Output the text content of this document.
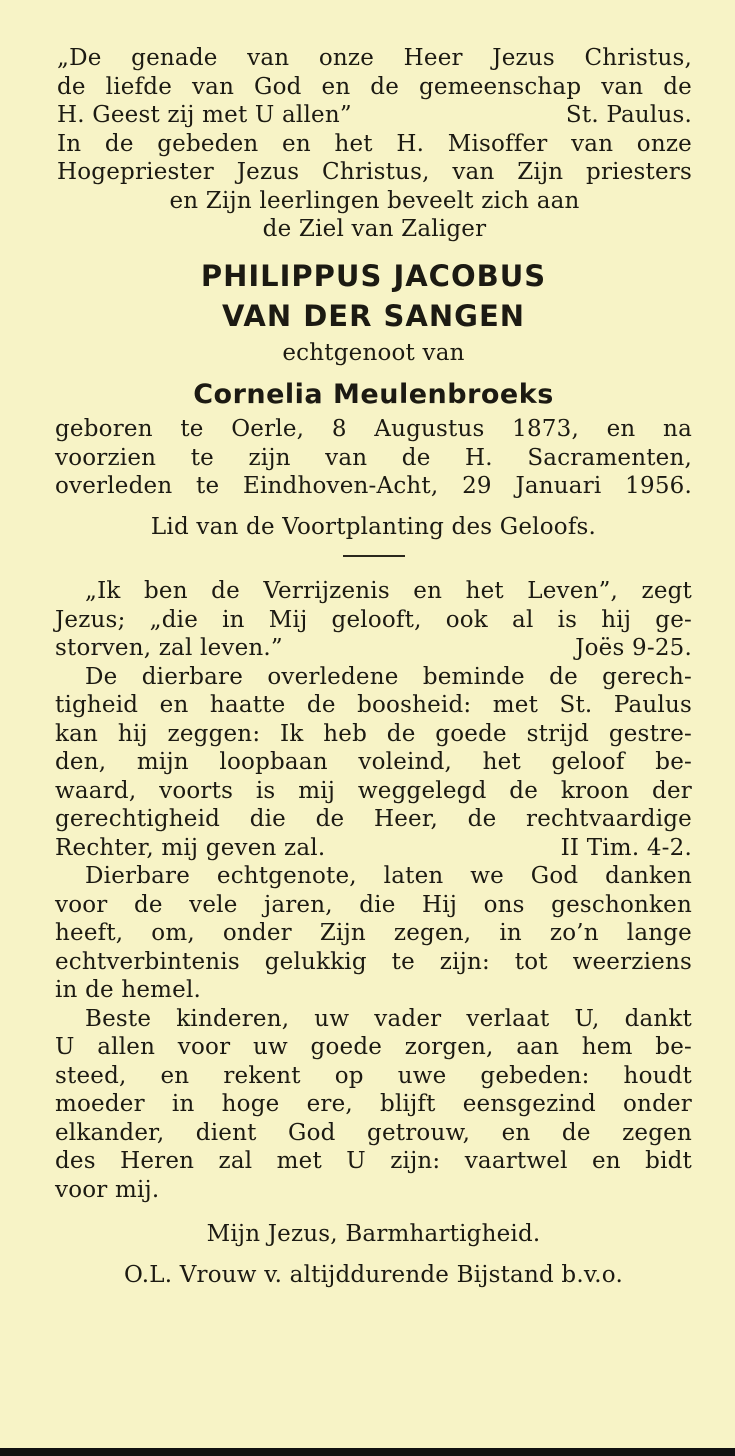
„De genade van onze Heer Jezus Christus,
de liefde van God en de gemeenschap van de
H. Geest zij met U allen”	St. Paulus.
In de gebeden en het H. Misoffer van onze
Hogepriester Jezus Christus, van Zijn priesters
en Zijn leerlingen beveelt zich aan
de Ziel van Zaliger
PHILIPPUS JACOBUS
VAN DER SANGEN
echtgenoot van
Cornelia Meulenbroeks
geboren te Oerle, 8 Augustus 1873, en na
voorzien te zijn van de H. Sacramenten,
overleden te Eindhoven-Acht, 29 Januari 1956.
Lid van de Voortplanting des Geloofs.
„Ik ben de Verrijzenis en het Leven”, zegt
Jezus; „die in Mij gelooft, ook al is hij ge-
storven, zal leven.”	Joës 9-25.
De dierbare overledene beminde de gerech-
tigheid en haatte de boosheid: met St. Paulus
kan hij zeggen: Ik heb de goede strijd gestre-
den, mijn loopbaan voleind, het geloof be-
waard, voorts is mij weggelegd de kroon der
gerechtigheid die de Heer, de rechtvaardige
Rechter, mij geven zal.	II Tim. 4-2.
Dierbare echtgenote, laten we God danken
voor de vele jaren, die Hij ons geschonken
heeft, om, onder Zijn zegen, in zo’n lange
echtverbintenis gelukkig te zijn: tot weerziens
in de hemel.
Beste kinderen, uw vader verlaat U, dankt
U allen voor uw goede zorgen, aan hem be-
steed, en rekent op uwe gebeden: houdt
moeder in hoge ere, blijft eensgezind onder
elkander, dient God getrouw, en de zegen
des Heren zal met U zijn: vaartwel en bidt
voor mij.
Mijn Jezus, Barmhartigheid.
O.L. Vrouw v. altijddurende Bijstand b.v.o.
